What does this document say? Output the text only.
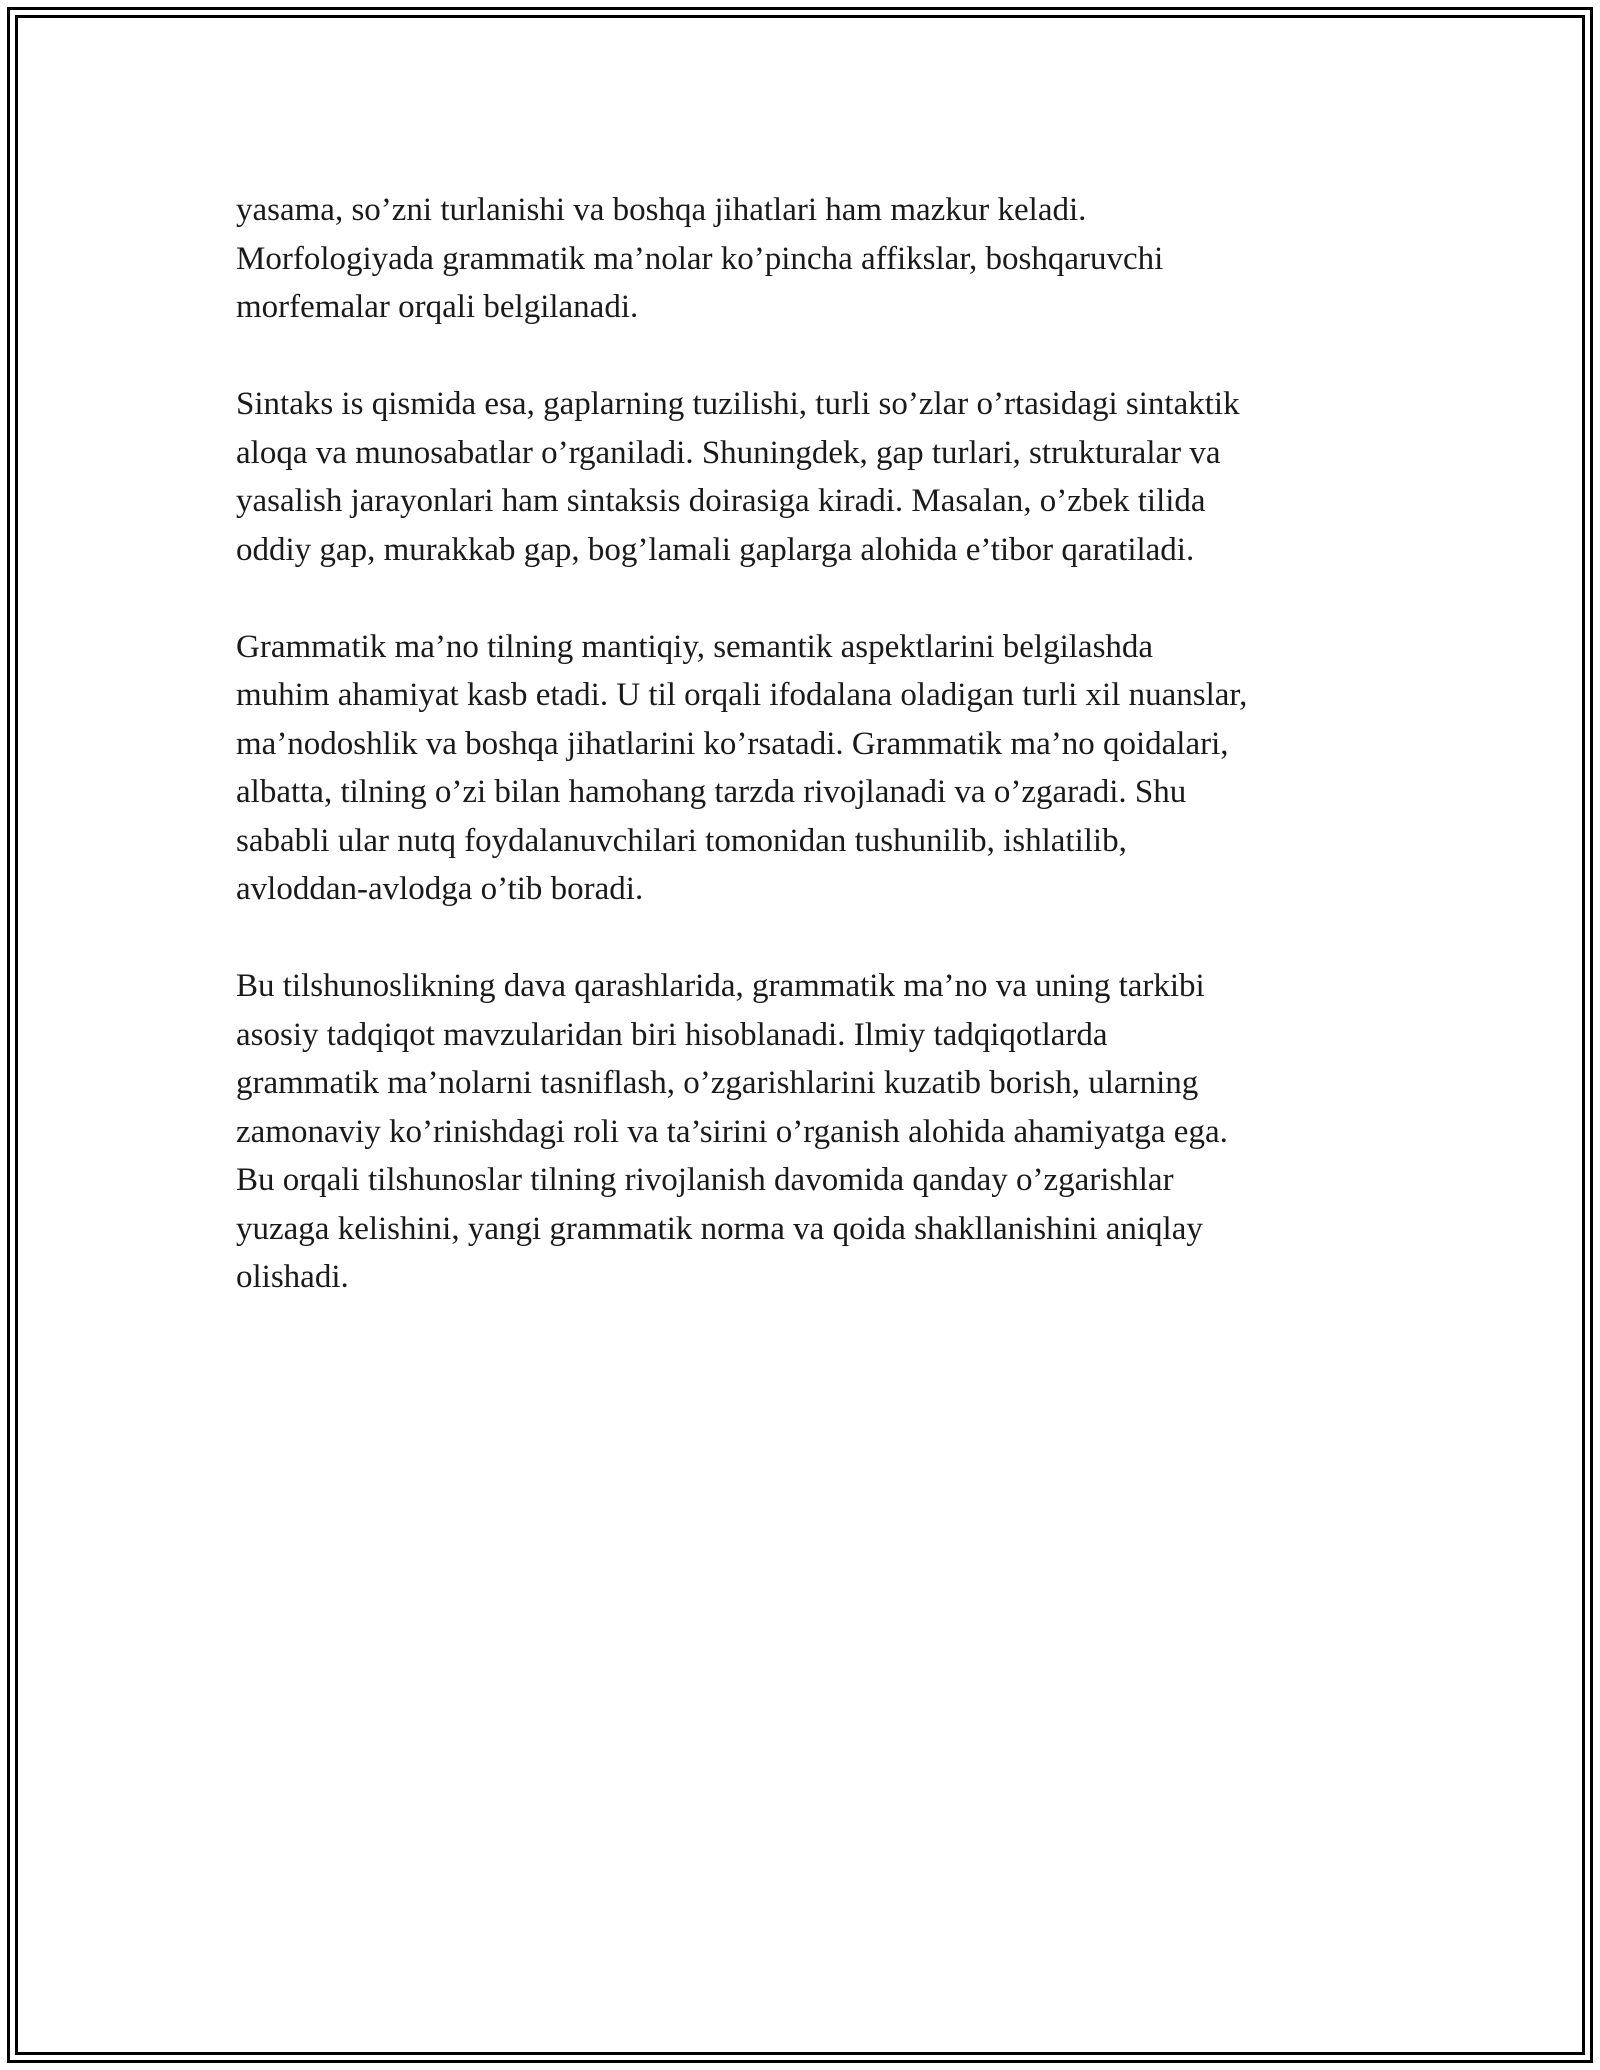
yasama, so’zni turlanishi va boshqa jihatlari ham mazkur keladi.
Morfologiyada grammatik ma’nolar ko’pincha affikslar, boshqaruvchi
morfemalar orqali belgilanadi.

Sintaks is qismida esa, gaplarning tuzilishi, turli so’zlar o’rtasidagi sintaktik
aloqa va munosabatlar o’rganiladi. Shuningdek, gap turlari, strukturalar va
yasalish jarayonlari ham sintaksis doirasiga kiradi. Masalan, o’zbek tilida
oddiy gap, murakkab gap, bog’lamali gaplarga alohida e’tibor qaratiladi.

Grammatik ma’no tilning mantiqiy, semantik aspektlarini belgilashda
muhim ahamiyat kasb etadi. U til orqali ifodalana oladigan turli xil nuanslar,
ma’nodoshlik va boshqa jihatlarini ko’rsatadi. Grammatik ma’no qoidalari,
albatta, tilning o’zi bilan hamohang tarzda rivojlanadi va o’zgaradi. Shu
sababli ular nutq foydalanuvchilari tomonidan tushunilib, ishlatilib,
avloddan-avlodga o’tib boradi.

Bu tilshunoslikning dava qarashlarida, grammatik ma’no va uning tarkibi
asosiy tadqiqot mavzularidan biri hisoblanadi. Ilmiy tadqiqotlarda
grammatik ma’nolarni tasniflash, o’zgarishlarini kuzatib borish, ularning
zamonaviy ko’rinishdagi roli va ta’sirini o’rganish alohida ahamiyatga ega.
Bu orqali tilshunoslar tilning rivojlanish davomida qanday o’zgarishlar
yuzaga kelishini, yangi grammatik norma va qoida shakllanishini aniqlay
olishadi.
